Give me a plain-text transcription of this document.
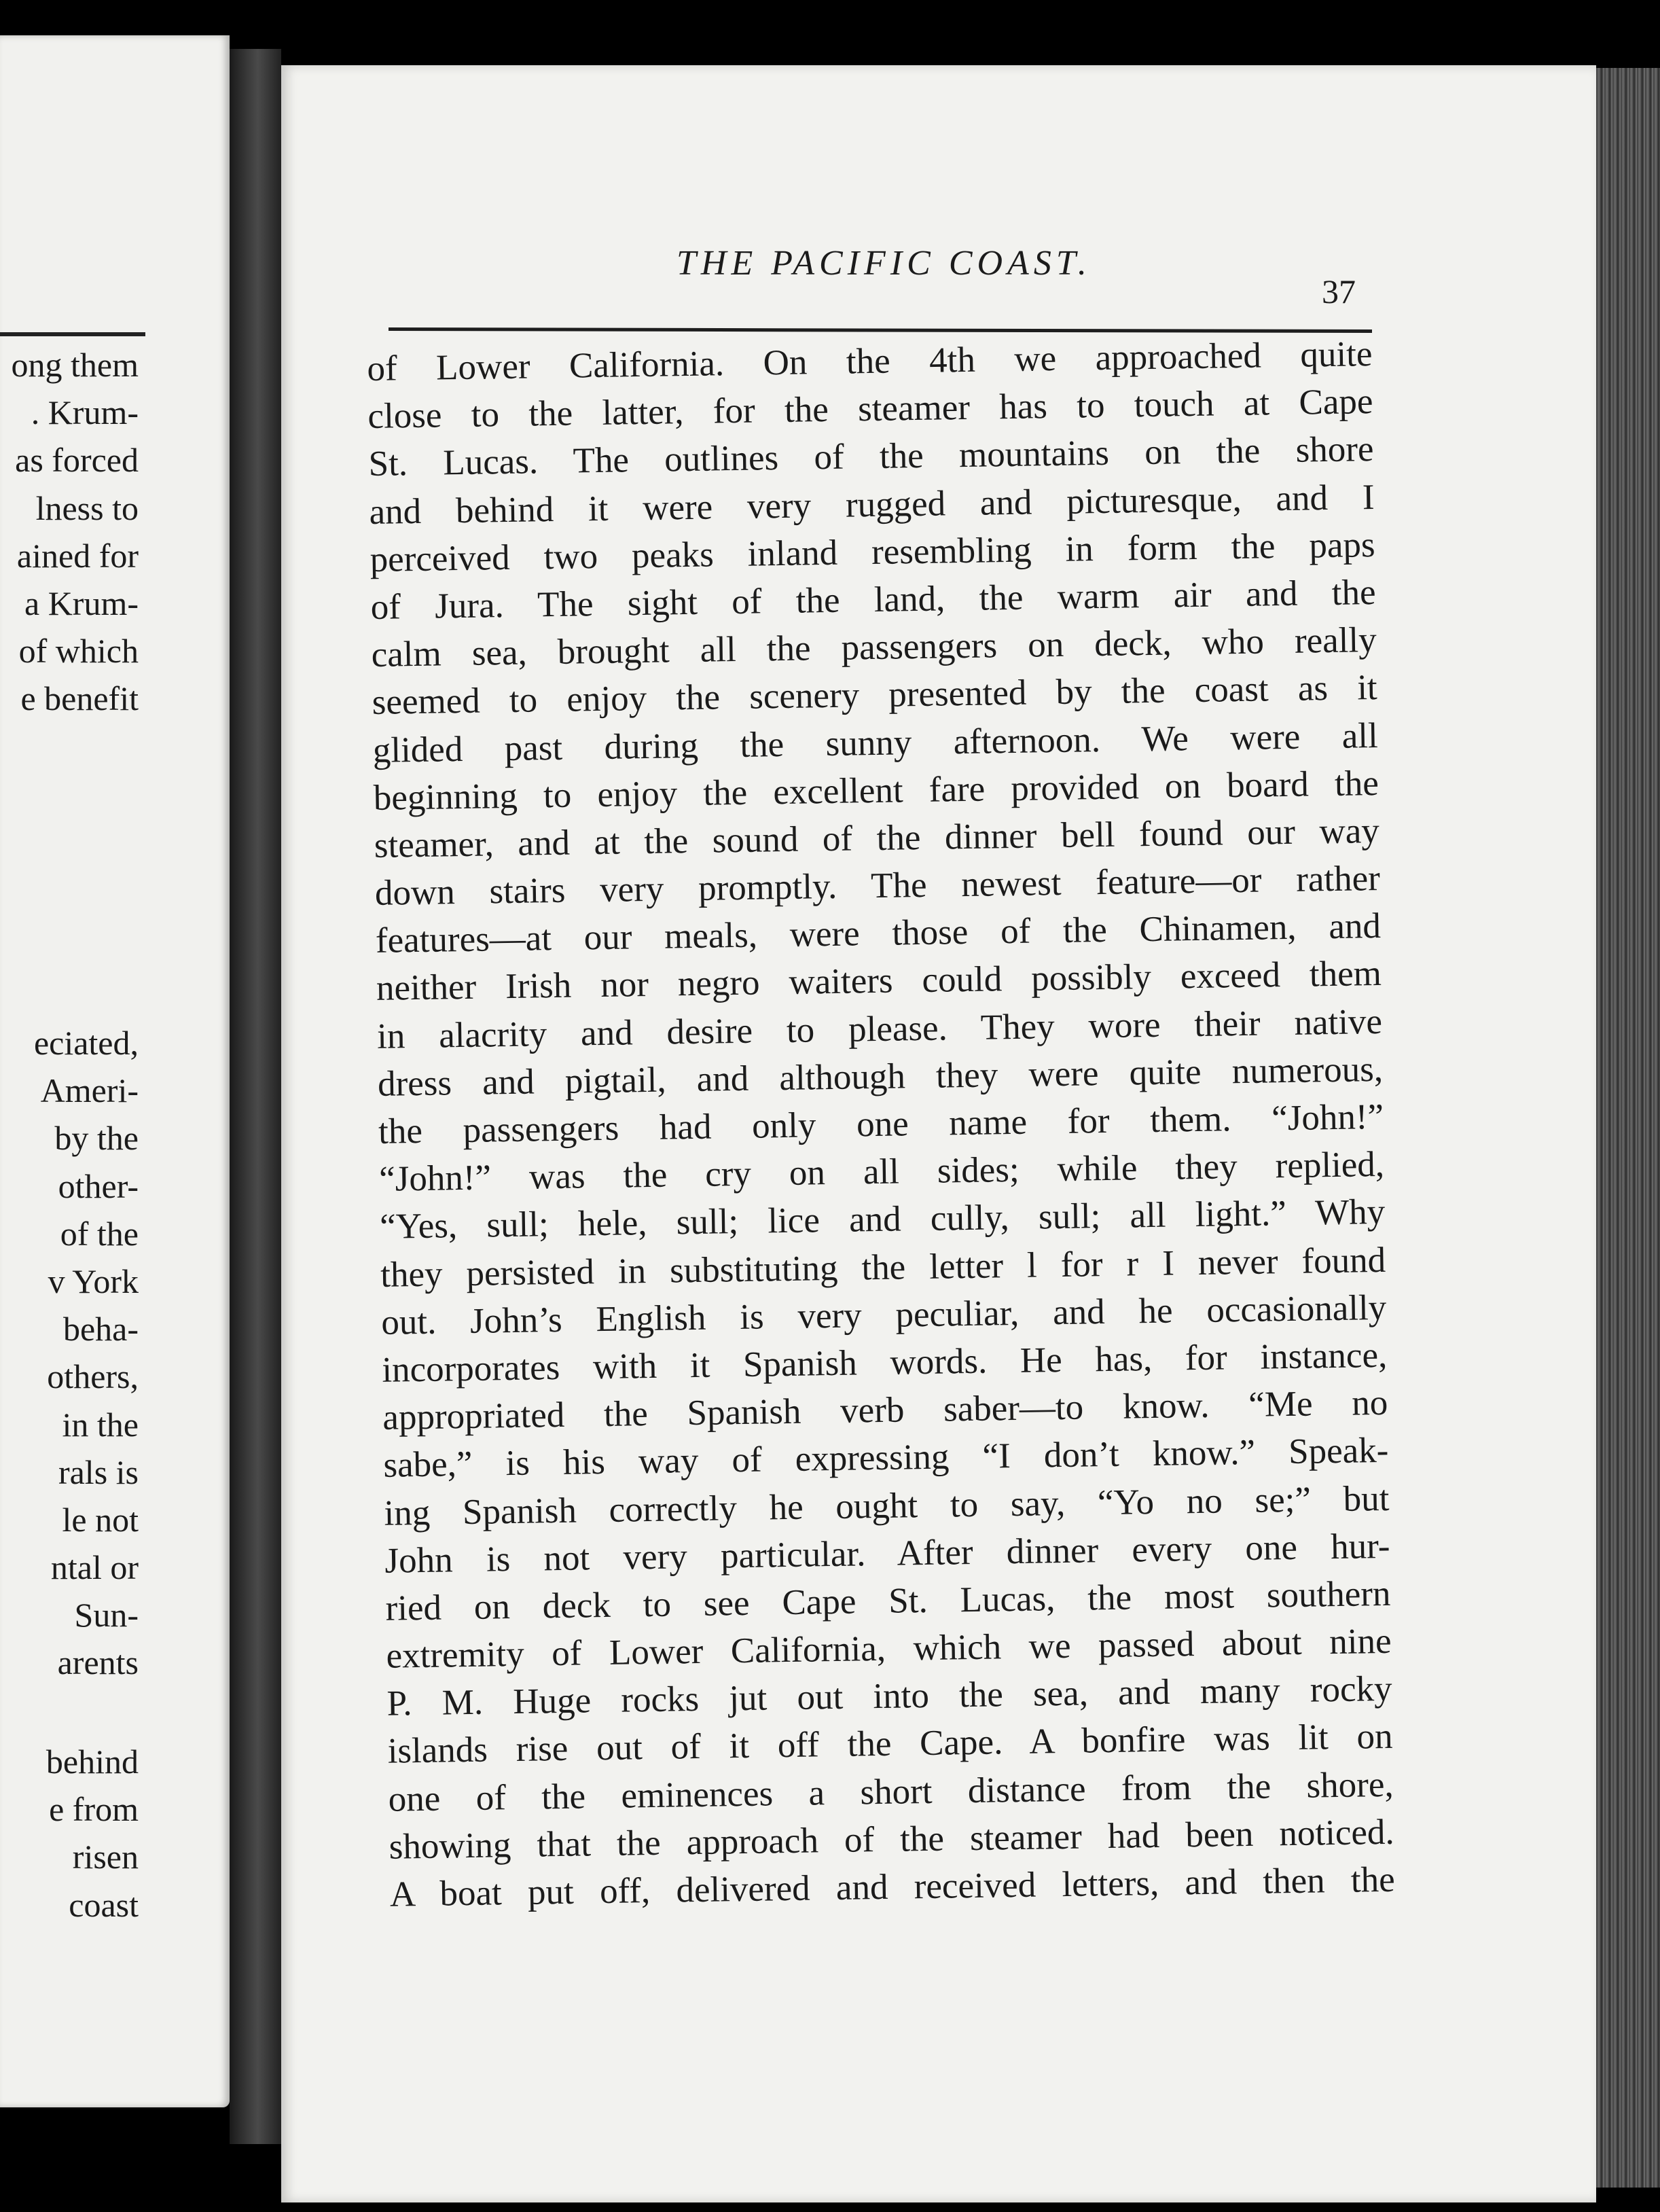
ong them
. Krum-
as forced
lness to
ained for
a Krum-
of which
e benefit
eciated,
Ameri-
by the
other-
of the
v York
beha-
others,
in the
rals is
le not
ntal or
Sun-
arents
behind
e from
risen
coast
THE PACIFIC COAST.
37
of Lower California. On the 4th we approached quite
close to the latter, for the steamer has to touch at Cape
St. Lucas. The outlines of the mountains on the shore
and behind it were very rugged and picturesque, and I
perceived two peaks inland resembling in form the paps
of Jura. The sight of the land, the warm air and the
calm sea, brought all the passengers on deck, who really
seemed to enjoy the scenery presented by the coast as it
glided past during the sunny afternoon. We were all
beginning to enjoy the excellent fare provided on board the
steamer, and at the sound of the dinner bell found our way
down stairs very promptly. The newest feature—or rather
features—at our meals, were those of the Chinamen, and
neither Irish nor negro waiters could possibly exceed them
in alacrity and desire to please. They wore their native
dress and pigtail, and although they were quite numerous,
the passengers had only one name for them. “John!”
“John!” was the cry on all sides; while they replied,
“Yes, sull; hele, sull; lice and cully, sull; all light.” Why
they persisted in substituting the letter l for r I never found
out. John’s English is very peculiar, and he occasionally
incorporates with it Spanish words. He has, for instance,
appropriated the Spanish verb saber—to know. “Me no
sabe,” is his way of expressing “I don’t know.” Speak-
ing Spanish correctly he ought to say, “Yo no se;” but
John is not very particular. After dinner every one hur-
ried on deck to see Cape St. Lucas, the most southern
extremity of Lower California, which we passed about nine
P. M. Huge rocks jut out into the sea, and many rocky
islands rise out of it off the Cape. A bonfire was lit on
one of the eminences a short distance from the shore,
showing that the approach of the steamer had been noticed.
A boat put off, delivered and received letters, and then the
